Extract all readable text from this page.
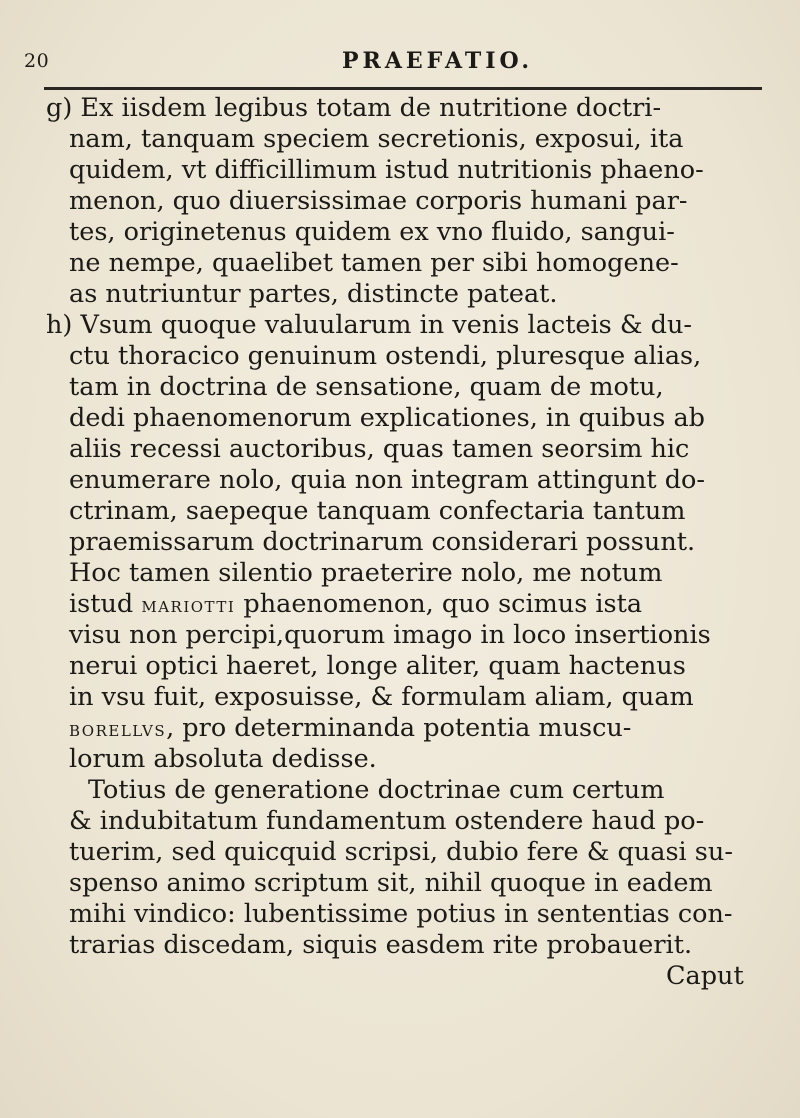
20	PRAEFATIO.
g) Ex iisdem legibus totam de nutritione doctri-
nam, tanquam speciem secretionis, exposui, ita
quidem, vt difficillimum istud nutritionis phaeno-
menon, quo diuersissimae corporis humani par-
tes, originetenus quidem ex vno fluido, sangui-
ne nempe, quaelibet tamen per sibi homogene-
as nutriuntur partes, distincte pateat.
h) Vsum quoque valuularum in venis lacteis & du-
ctu thoracico genuinum ostendi, pluresque alias,
tam in doctrina de sensatione, quam de motu,
dedi phaenomenorum explicationes, in quibus ab
aliis recessi auctoribus, quas tamen seorsim hic
enumerare nolo, quia non integram attingunt do-
ctrinam, saepeque tanquam confectaria tantum
praemissarum doctrinarum considerari possunt.
Hoc tamen silentio praeterire nolo, me notum
istud mariotti phaenomenon, quo scimus ista
visu non percipi,quorum imago in loco insertionis
nerui optici haeret, longe aliter, quam hactenus
in vsu fuit, exposuisse, & formulam aliam, quam
borellvs, pro determinanda potentia muscu-
lorum absoluta dedisse.
Totius de generatione doctrinae cum certum
& indubitatum fundamentum ostendere haud po-
tuerim, sed quicquid scripsi, dubio fere & quasi su-
spenso animo scriptum sit, nihil quoque in eadem
mihi vindico: lubentissime potius in sententias con-
trarias discedam, siquis easdem rite probauerit.
Caput
